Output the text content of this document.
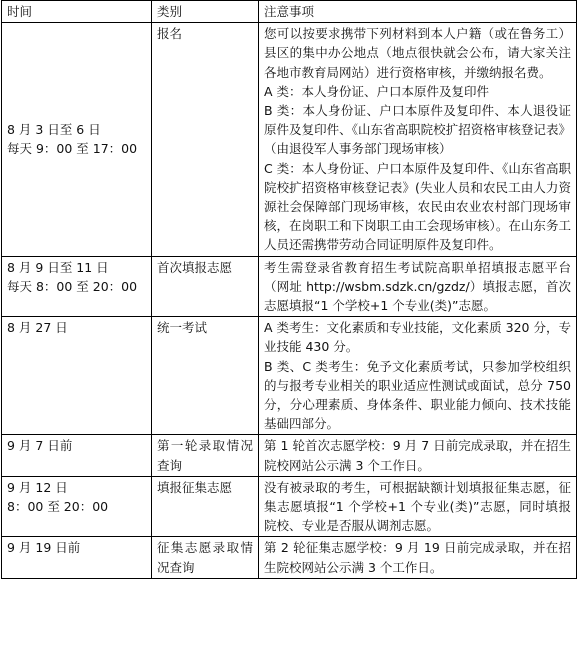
时间	类别	注意事项

8 月 3 日至 6 日
每天 9：00 至 17：00	报名	您可以按要求携带下列材料到本人户籍（或在鲁务工）县区的集中办公地点（地点很快就会公布，请大家关注各地市教育局网站）进行资格审核，并缴纳报名费。
A 类：本人身份证、户口本原件及复印件
B 类：本人身份证、户口本原件及复印件、本人退役证原件及复印件、《山东省高职院校扩招资格审核登记表》（由退役军人事务部门现场审核）
C 类：本人身份证、户口本原件及复印件、《山东省高职院校扩招资格审核登记表》(失业人员和农民工由人力资源社会保障部门现场审核，农民由农业农村部门现场审核，在岗职工和下岗职工由工会现场审核）。在山东务工人员还需携带劳动合同证明原件及复印件。

8 月 9 日至 11 日
每天 8：00 至 20：00	首次填报志愿	考生需登录省教育招生考试院高职单招填报志愿平台（网址 http://wsbm.sdzk.cn/gzdz/）填报志愿，首次志愿填报“1 个学校+1 个专业(类)”志愿。

8 月 27 日	统一考试	A 类考生：文化素质和专业技能，文化素质 320 分，专业技能 430 分。
B 类、C 类考生：免予文化素质考试，只参加学校组织的与报考专业相关的职业适应性测试或面试，总分 750 分，分心理素质、身体条件、职业能力倾向、技术技能基础四部分。

9 月 7 日前	第一轮录取情况查询	第 1 轮首次志愿学校：9 月 7 日前完成录取，并在招生院校网站公示满 3 个工作日。

9 月 12 日
8：00 至 20：00	填报征集志愿	没有被录取的考生，可根据缺额计划填报征集志愿，征集志愿填报“1 个学校+1 个专业(类)”志愿，同时填报院校、专业是否服从调剂志愿。

9 月 19 日前	征集志愿录取情况查询	第 2 轮征集志愿学校：9 月 19 日前完成录取，并在招生院校网站公示满 3 个工作日。
